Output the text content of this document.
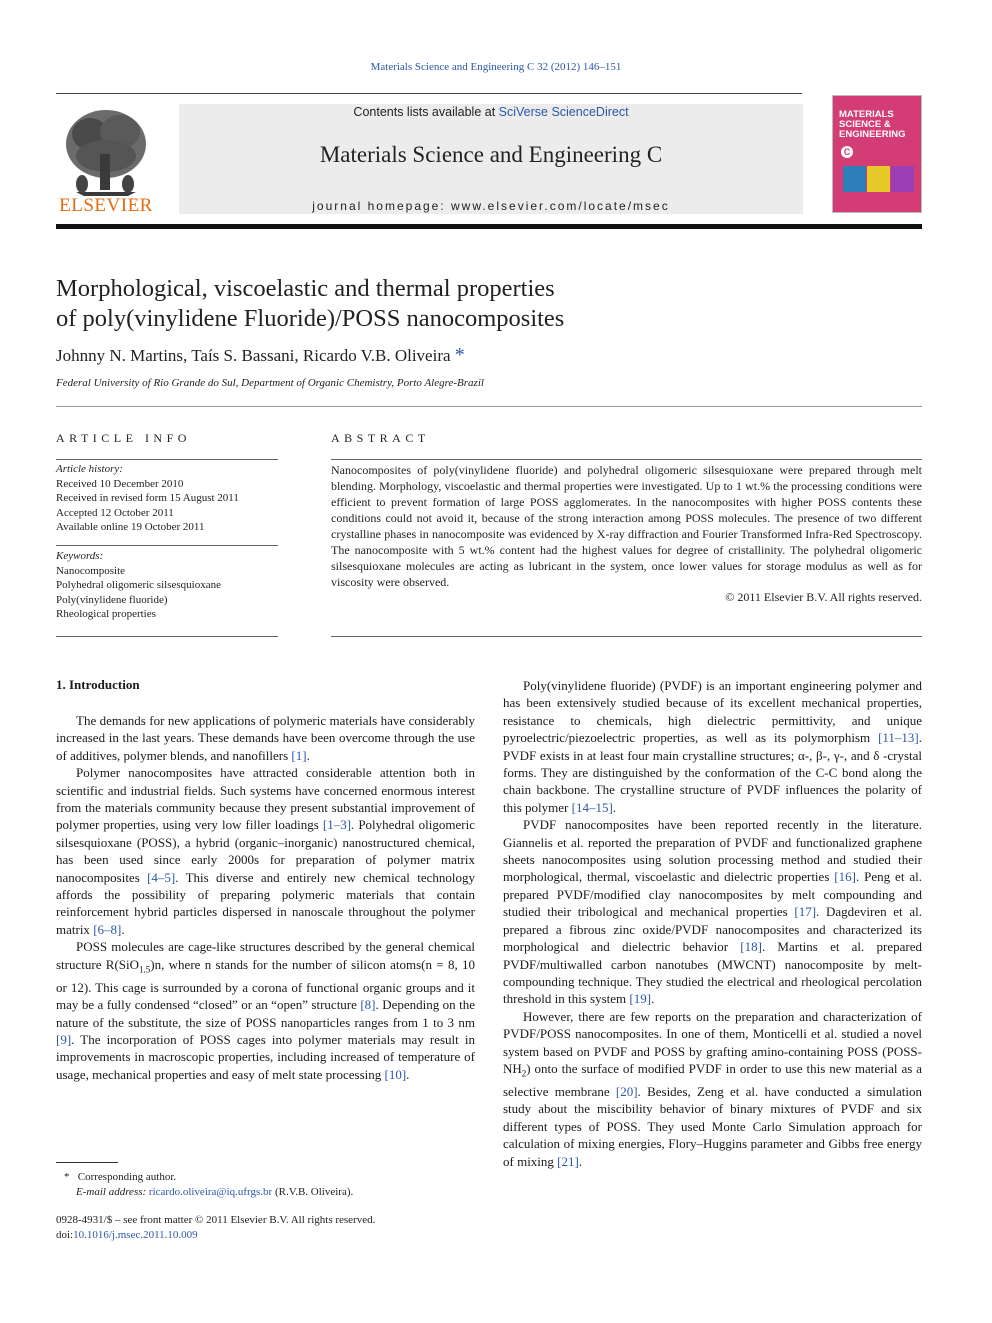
Materials Science and Engineering C 32 (2012) 146–151
ELSEVIER
Contents lists available at SciVerse ScienceDirect
Materials Science and Engineering C
journal homepage: www.elsevier.com/locate/msec
MATERIALS SCIENCE & ENGINEERING
C
Morphological, viscoelastic and thermal properties
of poly(vinylidene Fluoride)/POSS nanocomposites
Johnny N. Martins, Taís S. Bassani, Ricardo V.B. Oliveira *
Federal University of Rio Grande do Sul, Department of Organic Chemistry, Porto Alegre-Brazil
ARTICLE INFO	ABSTRACT
Article history:
Received 10 December 2010
Received in revised form 15 August 2011
Accepted 12 October 2011
Available online 19 October 2011
Keywords:
Nanocomposite
Polyhedral oligomeric silsesquioxane
Poly(vinylidene fluoride)
Rheological properties
Nanocomposites of poly(vinylidene fluoride) and polyhedral oligomeric silsesquioxane were prepared through melt blending. Morphology, viscoelastic and thermal properties were investigated. Up to 1 wt.% the processing conditions were efficient to prevent formation of large POSS agglomerates. In the nanocomposites with higher POSS contents these conditions could not avoid it, because of the strong interaction among POSS molecules. The presence of two different crystalline phases in nanocomposite was evidenced by X-ray diffraction and Fourier Transformed Infra-Red Spectroscopy. The nanocomposite with 5 wt.% content had the highest values for degree of cristallinity. The polyhedral oligomeric silsesquioxane molecules are acting as lubricant in the system, once lower values for storage modulus as well as for viscosity were observed.
© 2011 Elsevier B.V. All rights reserved.
1. Introduction

The demands for new applications of polymeric materials have considerably increased in the last years. These demands have been overcome through the use of additives, polymer blends, and nanofillers [1].

Polymer nanocomposites have attracted considerable attention both in scientific and industrial fields. Such systems have concerned enormous interest from the materials community because they present substantial improvement of polymer properties, using very low filler loadings [1–3]. Polyhedral oligomeric silsesquioxane (POSS), a hybrid (organic–inorganic) nanostructured chemical, has been used since early 2000s for preparation of polymer matrix nanocomposites [4–5]. This diverse and entirely new chemical technology affords the possibility of preparing polymeric materials that contain reinforcement hybrid particles dispersed in nanoscale throughout the polymer matrix [6–8].

POSS molecules are cage-like structures described by the general chemical structure R(SiO$_{1.5}$)n, where n stands for the number of silicon atoms(n = 8, 10 or 12). This cage is surrounded by a corona of functional organic groups and it may be a fully condensed “closed” or an “open” structure [8]. Depending on the nature of the substitute, the size of POSS nanoparticles ranges from 1 to 3 nm [9]. The incorporation of POSS cages into polymer materials may result in improvements in macroscopic properties, including increased of temperature of usage, mechanical properties and easy of melt state processing [10].

Poly(vinylidene fluoride) (PVDF) is an important engineering polymer and has been extensively studied because of its excellent mechanical properties, resistance to chemicals, high dielectric permittivity, and unique pyroelectric/piezoelectric properties, as well as its polymorphism [11–13]. PVDF exists in at least four main crystalline structures; α-, β-, γ-, and δ -crystal forms. They are distinguished by the conformation of the C-C bond along the chain backbone. The crystalline structure of PVDF influences the polarity of this polymer [14–15].

PVDF nanocomposites have been reported recently in the literature. Giannelis et al. reported the preparation of PVDF and functionalized graphene sheets nanocomposites using solution processing method and studied their morphological, thermal, viscoelastic and dielectric properties [16]. Peng et al. prepared PVDF/modified clay nanocomposites by melt compounding and studied their tribological and mechanical properties [17]. Dagdeviren et al. prepared a fibrous zinc oxide/PVDF nanocomposites and characterized its morphological and dielectric behavior [18]. Martins et al. prepared PVDF/multiwalled carbon nanotubes (MWCNT) nanocomposite by melt-compounding technique. They studied the electrical and rheological percolation threshold in this system [19].

However, there are few reports on the preparation and characterization of PVDF/POSS nanocomposites. In one of them, Monticelli et al. studied a novel system based on PVDF and POSS by grafting amino-containing POSS $(POSS-NH_2)$ onto the surface of modified PVDF in order to use this new material as a selective membrane [20]. Besides, Zeng et al. have conducted a simulation study about the miscibility behavior of binary mixtures of PVDF and six different types of POSS. They used Monte Carlo Simulation approach for calculation of mixing energies, Flory–Huggins parameter and Gibbs free energy of mixing [21].

* Corresponding author.
E-mail address: ricardo.oliveira@iq.ufrgs.br (R.V.B. Oliveira).
0928-4931/$ – see front matter © 2011 Elsevier B.V. All rights reserved.
doi:10.1016/j.msec.2011.10.009
